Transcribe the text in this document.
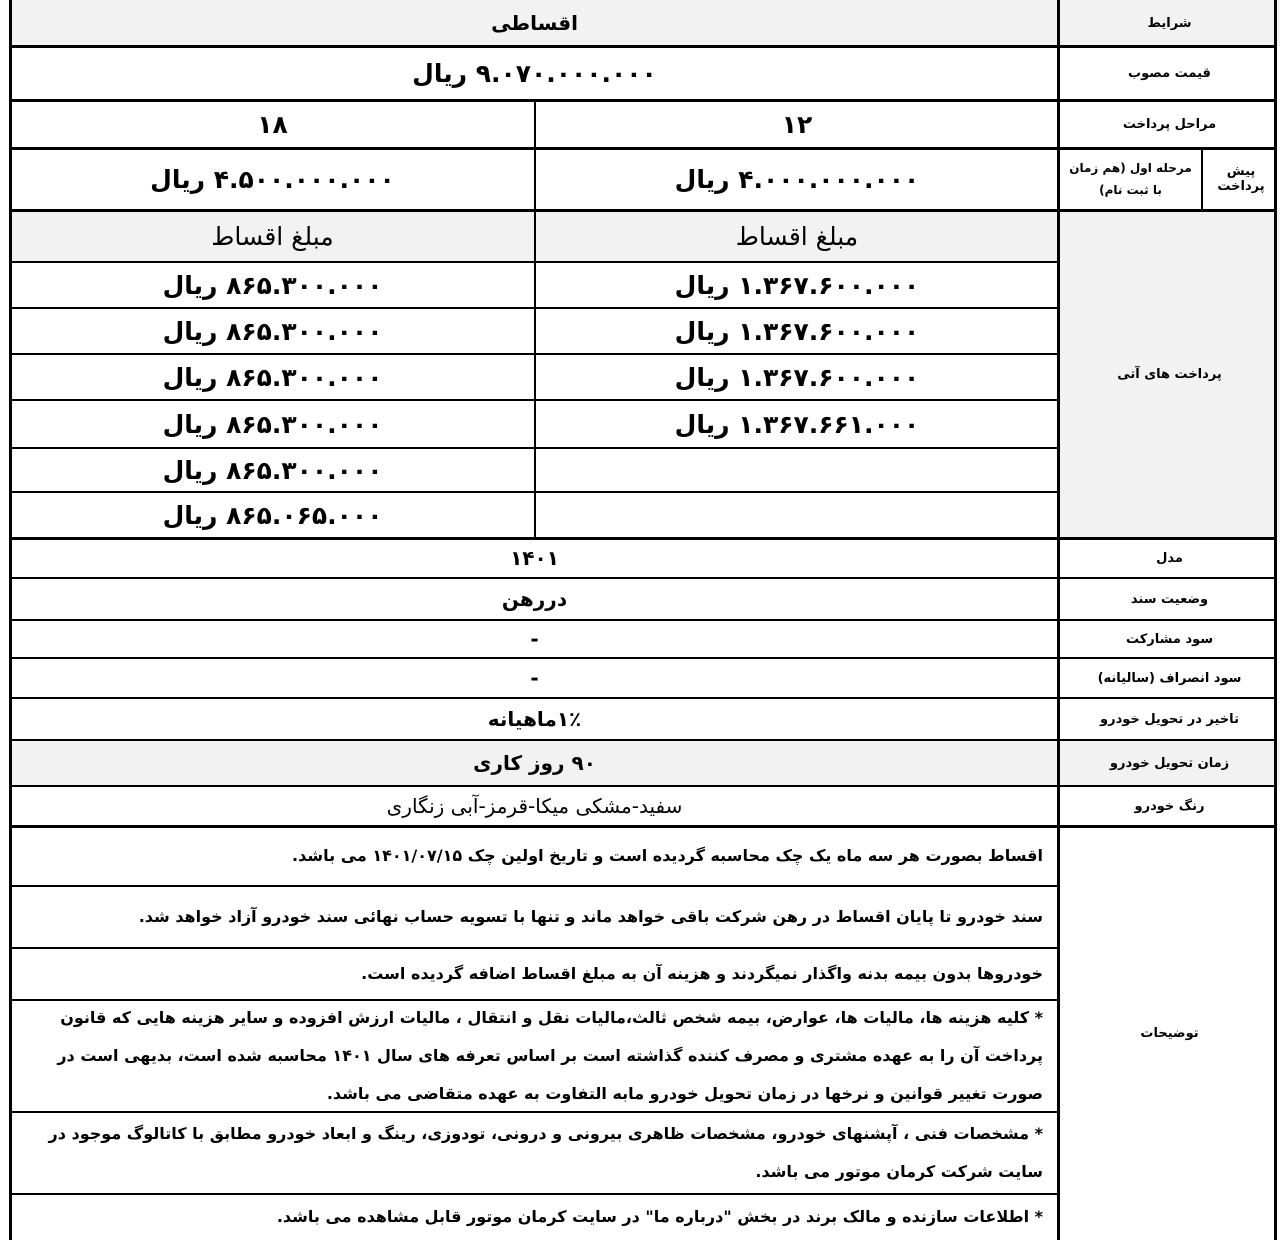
شرایط
اقساطی
قیمت مصوب
۹.۰۷۰.۰۰۰.۰۰۰ ریال
مراحل پرداخت
۱۲
۱۸
پیش پرداخت
مرحله اول (هم زمان با ثبت نام)
۴.۰۰۰.۰۰۰.۰۰۰ ریال
۴.۵۰۰.۰۰۰.۰۰۰ ریال
پرداخت های آتی
مبلغ اقساط
مبلغ اقساط
۱.۳۶۷.۶۰۰.۰۰۰ ریال
۱.۳۶۷.۶۰۰.۰۰۰ ریال
۱.۳۶۷.۶۰۰.۰۰۰ ریال
۱.۳۶۷.۶۶۱.۰۰۰ ریال
۸۶۵.۳۰۰.۰۰۰ ریال
۸۶۵.۳۰۰.۰۰۰ ریال
۸۶۵.۳۰۰.۰۰۰ ریال
۸۶۵.۳۰۰.۰۰۰ ریال
۸۶۵.۳۰۰.۰۰۰ ریال
۸۶۵.۰۶۵.۰۰۰ ریال
مدل
۱۴۰۱
وضعیت سند
دررهن
سود مشارکت
-
سود انصراف (سالیانه)
-
تاخیر در تحویل خودرو
۱٪ماهیانه
زمان تحویل خودرو
۹۰ روز کاری
رنگ خودرو
سفید-مشکی میکا-قرمز-آبی زنگاری
توضیحات
اقساط بصورت هر سه ماه یک چک محاسبه گردیده است و تاریخ اولین چک ۱۴۰۱/۰۷/۱۵ می باشد.
سند خودرو تا پایان اقساط در رهن شرکت باقی خواهد ماند و تنها با تسویه حساب نهائی سند خودرو آزاد خواهد شد.
خودروها بدون بیمه بدنه واگذار نمیگردند و هزینه آن به مبلغ اقساط اضافه گردیده است.
* کلیه هزینه ها، مالیات ها، عوارض، بیمه شخص ثالث،مالیات نقل و انتقال ، مالیات ارزش افزوده و سایر هزینه هایی که قانون پرداخت آن را به عهده مشتری و مصرف کننده گذاشته است بر اساس تعرفه های سال ۱۴۰۱ محاسبه شده است، بدیهی است در صورت تغییر قوانین و نرخها در زمان تحویل خودرو مابه التفاوت به عهده متقاضی می باشد.
* مشخصات فنی ، آپشنهای خودرو، مشخصات ظاهری بیرونی و درونی، تودوزی، رینگ و ابعاد خودرو مطابق با کاتالوگ موجود در سایت شرکت کرمان موتور می باشد.
* اطلاعات سازنده و مالک برند در بخش "درباره ما" در سایت کرمان موتور قابل مشاهده می باشد.
